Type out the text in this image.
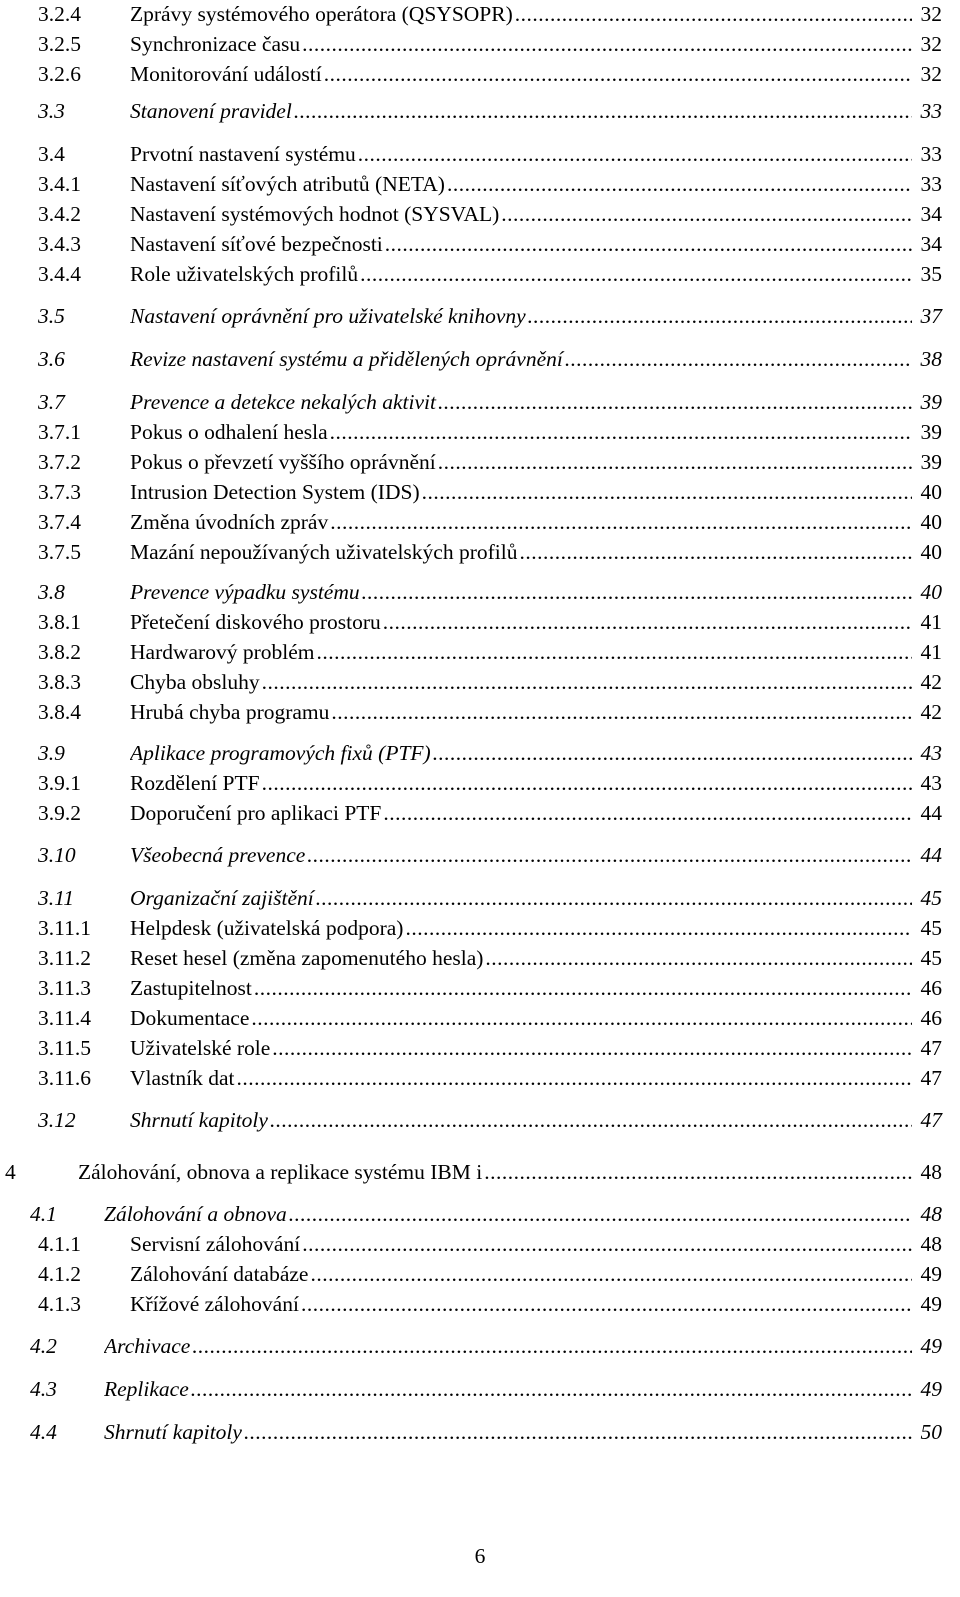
3.2.4 Zprávy systémového operátora (QSYSOPR) .....	32
3.2.5 Synchronizace času .....	32
3.2.6 Monitorování událostí .....	32
3.3	Stanovení pravidel .....	33
3.4	Prvotní nastavení systému .....	33
3.4.1 Nastavení síťových atributů (NETA) .....	33
3.4.2 Nastavení systémových hodnot (SYSVAL) .....	34
3.4.3 Nastavení síťové bezpečnosti .....	34
3.4.4 Role uživatelských profilů .....	35
3.5	Nastavení oprávnění pro uživatelské knihovny .....	37
3.6	Revize nastavení systému a přidělených oprávnění .....	38
3.7	Prevence a detekce nekalých aktivit .....	39
3.7.1 Pokus o odhalení hesla .....	39
3.7.2 Pokus o převzetí vyššího oprávnění .....	39
3.7.3 Intrusion Detection System (IDS) .....	40
3.7.4 Změna úvodních zpráv .....	40
3.7.5 Mazání nepoužívaných uživatelských profilů .....	40
3.8	Prevence výpadku systému .....	40
3.8.1 Přetečení diskového prostoru .....	41
3.8.2 Hardwarový problém .....	41
3.8.3 Chyba obsluhy .....	42
3.8.4 Hrubá chyba programu .....	42
3.9	Aplikace programových fixů (PTF) .....	43
3.9.1 Rozdělení PTF .....	43
3.9.2 Doporučení pro aplikaci PTF .....	44
3.10	Všeobecná prevence .....	44
3.11	Organizační zajištění .....	45
3.11.1 Helpdesk (uživatelská podpora) .....	45
3.11.2 Reset hesel (změna zapomenutého hesla) .....	45
3.11.3 Zastupitelnost .....	46
3.11.4 Dokumentace .....	46
3.11.5 Uživatelské role .....	47
3.11.6 Vlastník dat .....	47
3.12	Shrnutí kapitoly .....	47
4	Zálohování, obnova a replikace systému IBM i .....	48
4.1 Zálohování a obnova .....	48
4.1.1 Servisní zálohování .....	48
4.1.2 Zálohování databáze .....	49
4.1.3 Křížové zálohování .....	49
4.2 Archivace .....	49
4.3 Replikace .....	49
4.4 Shrnutí kapitoly .....	50
6
